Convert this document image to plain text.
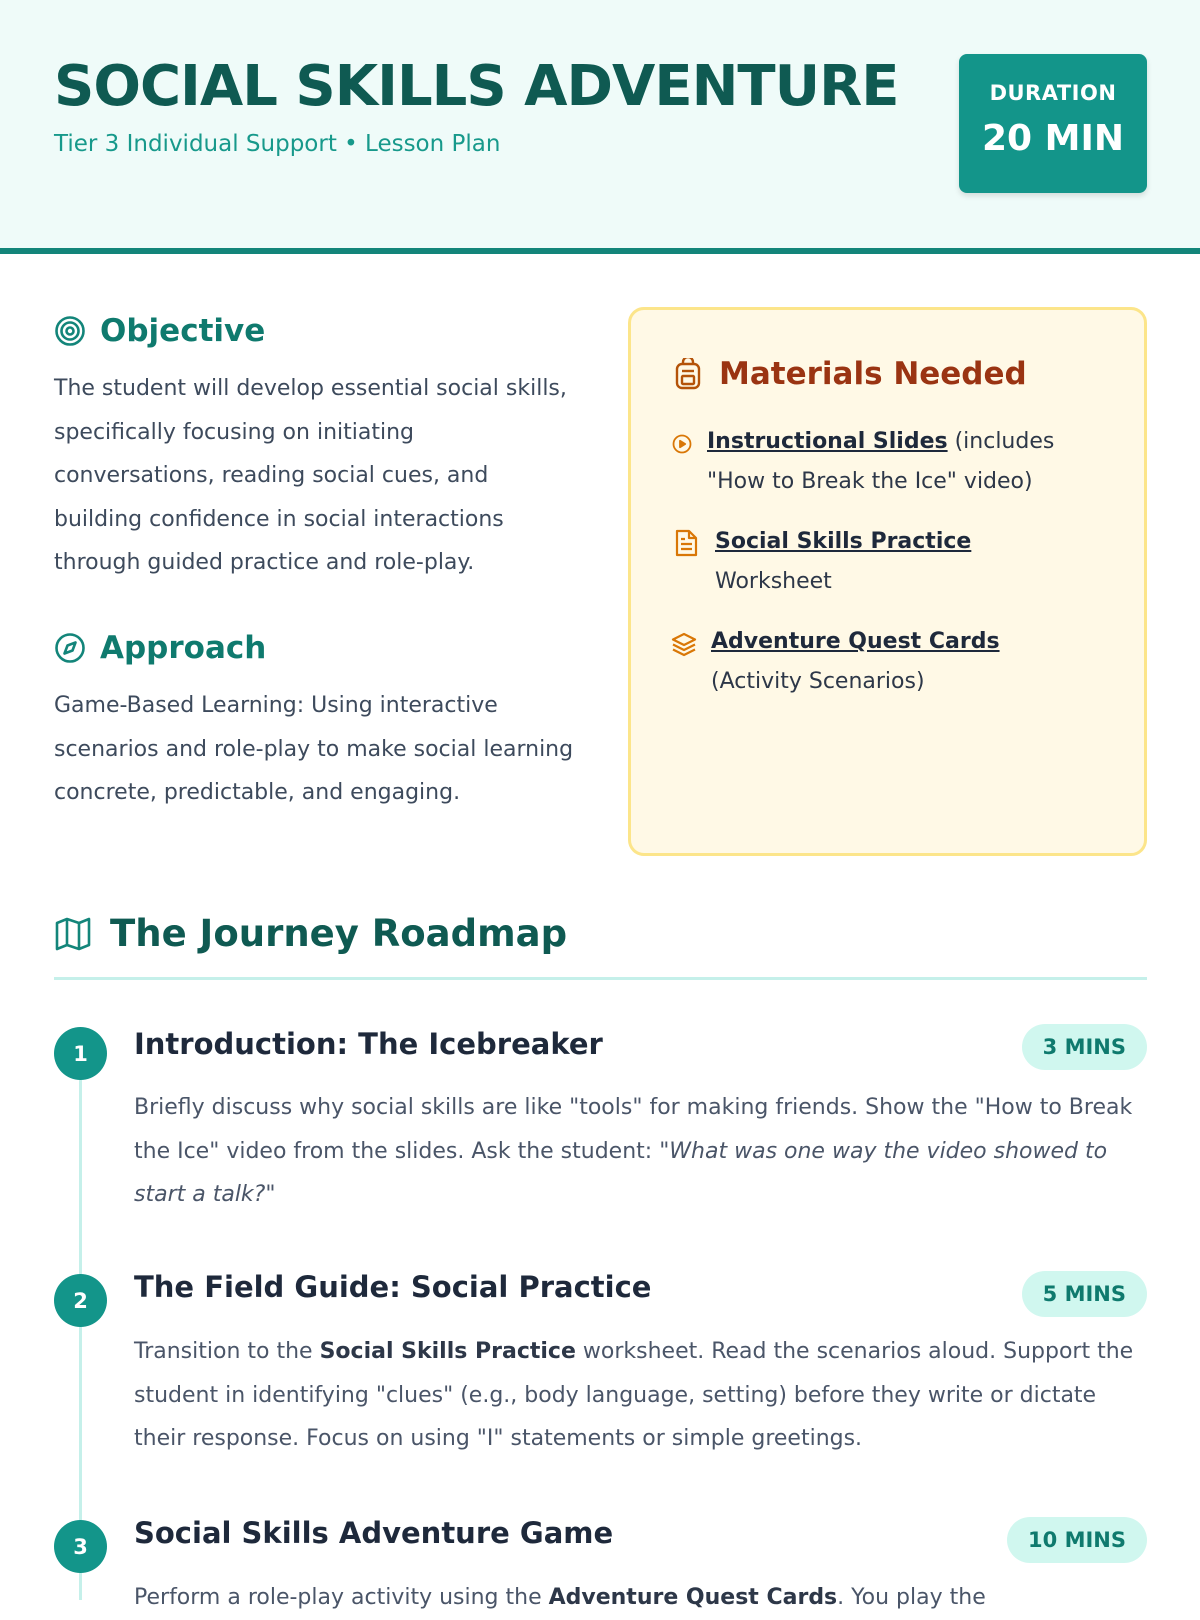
SOCIAL SKILLS ADVENTURE
Tier 3 Individual Support • Lesson Plan
DURATION
20 MIN
Objective
The student will develop essential social skills, specifically focusing on initiating conversations, reading social cues, and building confidence in social interactions through guided practice and role-play.
Approach
Game-Based Learning: Using interactive scenarios and role-play to make social learning concrete, predictable, and engaging.
Materials Needed
Instructional Slides (includes "How to Break the Ice" video)
Social Skills Practice
Worksheet
Adventure Quest Cards
(Activity Scenarios)
The Journey Roadmap
1	Introduction: The Icebreaker	3 MINS
Briefly discuss why social skills are like "tools" for making friends. Show the "How to Break the Ice" video from the slides. Ask the student: "What was one way the video showed to start a talk?"
2	The Field Guide: Social Practice	5 MINS
Transition to the Social Skills Practice worksheet. Read the scenarios aloud. Support the student in identifying "clues" (e.g., body language, setting) before they write or dictate their response. Focus on using "I" statements or simple greetings.
3	Social Skills Adventure Game	10 MINS
Perform a role-play activity using the Adventure Quest Cards. You play the
